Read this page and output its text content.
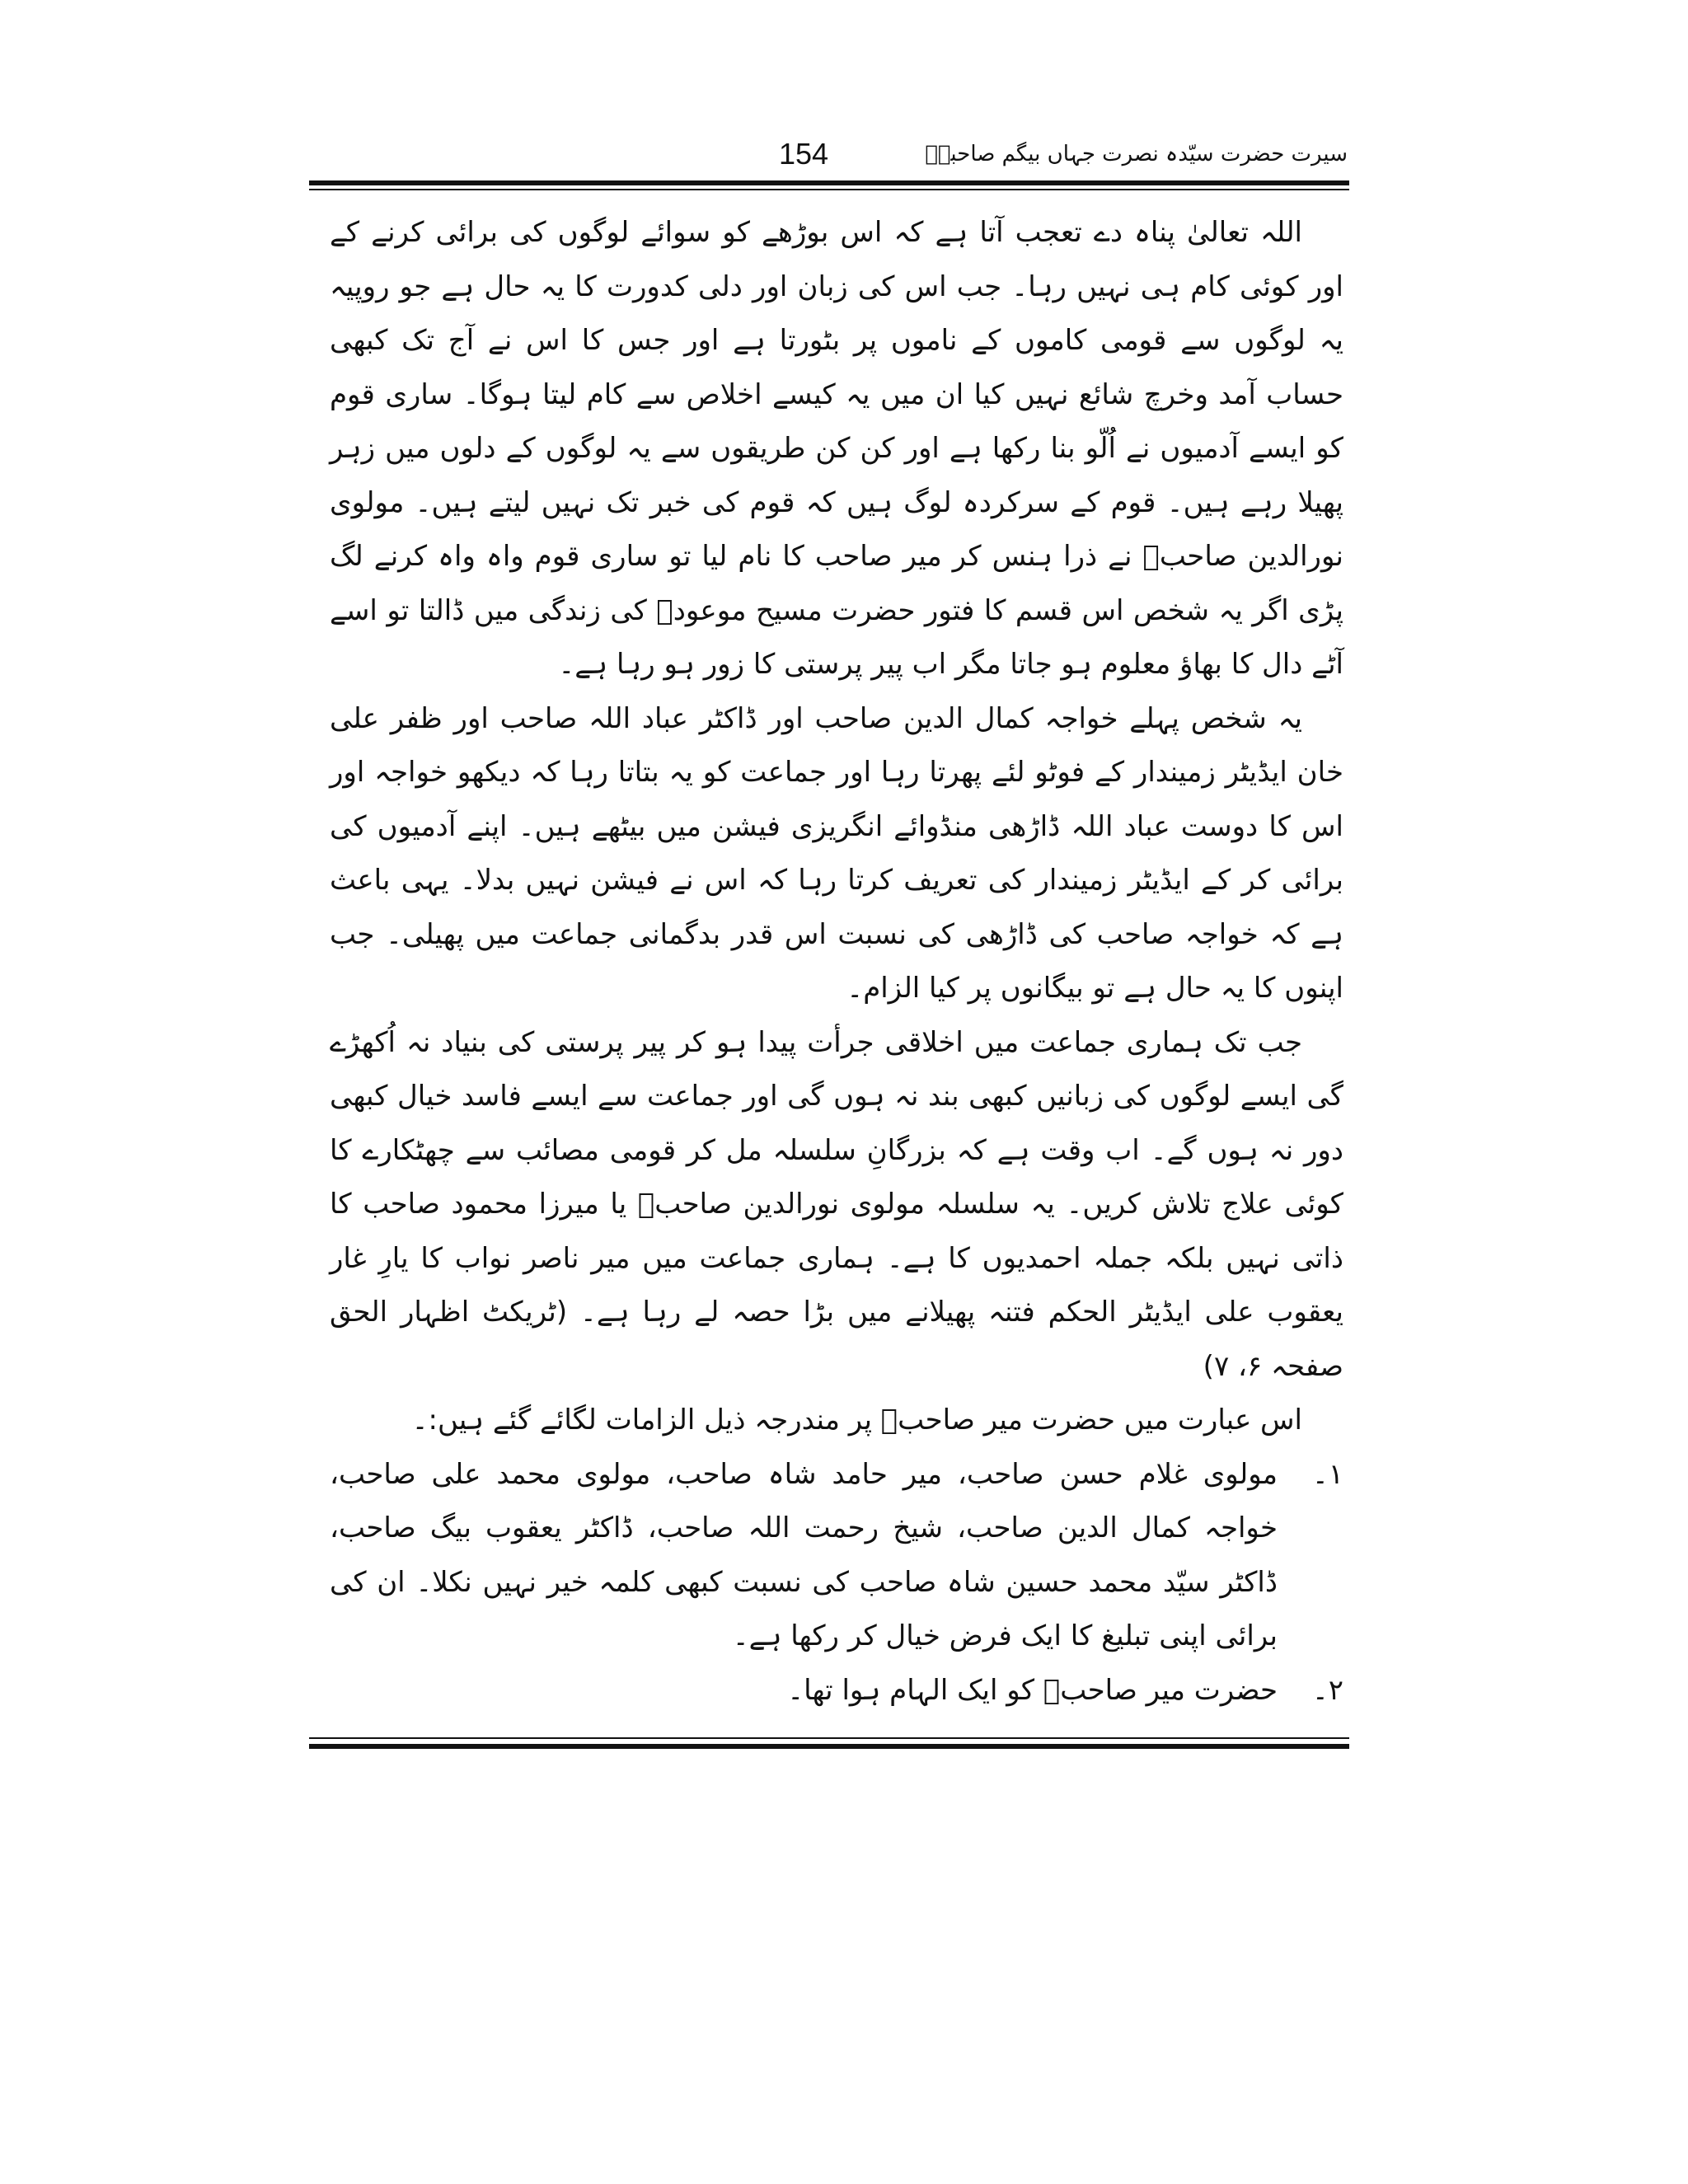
سیرت حضرت سیّدہ نصرت جہاں بیگم صاحبہؓ
154

اللہ تعالیٰ پناہ دے تعجب آتا ہے کہ اس بوڑھے کو سوائے لوگوں کی برائی کرنے کے اور کوئی کام ہی نہیں رہا۔ جب اس کی زبان اور دلی کدورت کا یہ حال ہے جو روپیہ یہ لوگوں سے قومی کاموں کے ناموں پر بٹورتا ہے اور جس کا اس نے آج تک کبھی حساب آمد وخرچ شائع نہیں کیا ان میں یہ کیسے اخلاص سے کام لیتا ہوگا۔ ساری قوم کو ایسے آدمیوں نے اُلّو بنا رکھا ہے اور کن کن طریقوں سے یہ لوگوں کے دلوں میں زہر پھیلا رہے ہیں۔ قوم کے سرکردہ لوگ ہیں کہ قوم کی خبر تک نہیں لیتے ہیں۔ مولوی نورالدین صاحبؓ نے ذرا ہنس کر میر صاحب کا نام لیا تو ساری قوم واہ واہ کرنے لگ پڑی اگر یہ شخص اس قسم کا فتور حضرت مسیح موعودؑ کی زندگی میں ڈالتا تو اسے آٹے دال کا بھاؤ معلوم ہو جاتا مگر اب پیر پرستی کا زور ہو رہا ہے۔

یہ شخص پہلے خواجہ کمال الدین صاحب اور ڈاکٹر عباد اللہ صاحب اور ظفر علی خان ایڈیٹر زمیندار کے فوٹو لئے پھرتا رہا اور جماعت کو یہ بتاتا رہا کہ دیکھو خواجہ اور اس کا دوست عباد اللہ ڈاڑھی منڈوائے انگریزی فیشن میں بیٹھے ہیں۔ اپنے آدمیوں کی برائی کر کے ایڈیٹر زمیندار کی تعریف کرتا رہا کہ اس نے فیشن نہیں بدلا۔ یہی باعث ہے کہ خواجہ صاحب کی ڈاڑھی کی نسبت اس قدر بدگمانی جماعت میں پھیلی۔ جب اپنوں کا یہ حال ہے تو بیگانوں پر کیا الزام۔

جب تک ہماری جماعت میں اخلاقی جرأت پیدا ہو کر پیر پرستی کی بنیاد نہ اُکھڑے گی ایسے لوگوں کی زبانیں کبھی بند نہ ہوں گی اور جماعت سے ایسے فاسد خیال کبھی دور نہ ہوں گے۔ اب وقت ہے کہ بزرگانِ سلسلہ مل کر قومی مصائب سے چھٹکارے کا کوئی علاج تلاش کریں۔ یہ سلسلہ مولوی نورالدین صاحبؓ یا میرزا محمود صاحب کا ذاتی نہیں بلکہ جملہ احمدیوں کا ہے۔ ہماری جماعت میں میر ناصر نواب کا یارِ غار یعقوب علی ایڈیٹر الحکم فتنہ پھیلانے میں بڑا حصہ لے رہا ہے۔ (ٹریکٹ اظہار الحق صفحہ ۶، ۷)

اس عبارت میں حضرت میر صاحبؓ پر مندرجہ ذیل الزامات لگائے گئے ہیں:۔

۱۔
مولوی غلام حسن صاحب، میر حامد شاہ صاحب، مولوی محمد علی صاحب، خواجہ کمال الدین صاحب، شیخ رحمت اللہ صاحب، ڈاکٹر یعقوب بیگ صاحب، ڈاکٹر سیّد محمد حسین شاہ صاحب کی نسبت کبھی کلمہ خیر نہیں نکلا۔ ان کی برائی اپنی تبلیغ کا ایک فرض خیال کر رکھا ہے۔
۲۔
حضرت میر صاحبؓ کو ایک الہام ہوا تھا۔
